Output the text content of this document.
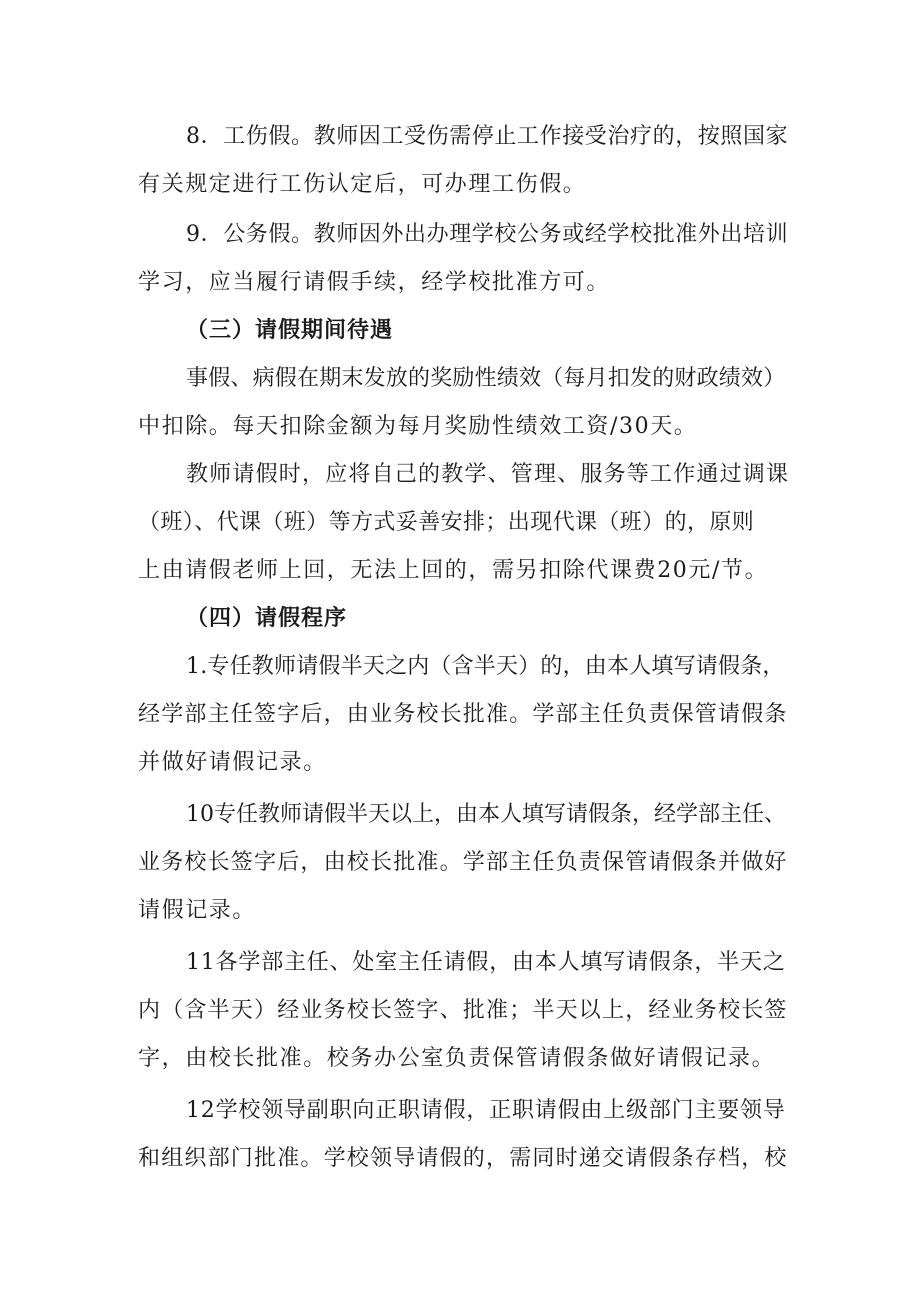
8．工伤假。教师因工受伤需停止工作接受治疗的，按照国家
有关规定进行工伤认定后，可办理工伤假。
9．公务假。教师因外出办理学校公务或经学校批准外出培训
学习，应当履行请假手续，经学校批准方可。
（三）请假期间待遇
事假、病假在期末发放的奖励性绩效（每月扣发的财政绩效）
中扣除。每天扣除金额为每月奖励性绩效工资/30天。
教师请假时，应将自己的教学、管理、服务等工作通过调课
（班）、代课（班）等方式妥善安排；出现代课（班）的，原则
上由请假老师上回，无法上回的，需另扣除代课费20元/节。
（四）请假程序
1.专任教师请假半天之内（含半天）的，由本人填写请假条，
经学部主任签字后，由业务校长批准。学部主任负责保管请假条
并做好请假记录。
10专任教师请假半天以上，由本人填写请假条，经学部主任、
业务校长签字后，由校长批准。学部主任负责保管请假条并做好
请假记录。
11各学部主任、处室主任请假，由本人填写请假条，半天之
内（含半天）经业务校长签字、批准；半天以上，经业务校长签
字，由校长批准。校务办公室负责保管请假条做好请假记录。
12学校领导副职向正职请假，正职请假由上级部门主要领导
和组织部门批准。学校领导请假的，需同时递交请假条存档，校
